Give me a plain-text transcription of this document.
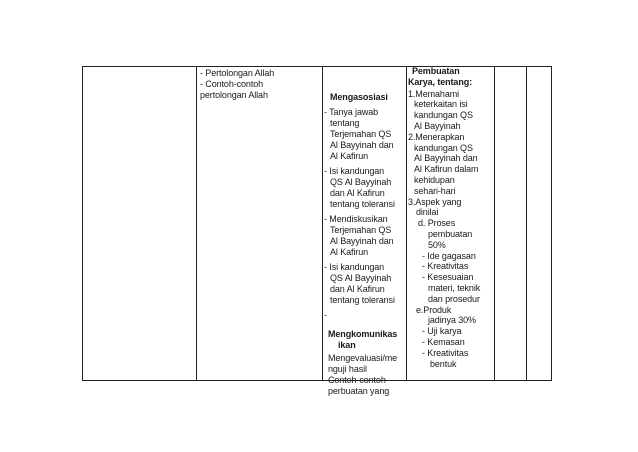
- Pertolongan Allah
- Contoh-contoh
pertolongan Allah	Mengasosiasi
- Tanya jawab
tentang
Terjemahan QS
Al Bayyinah dan
Al Kafirun
- Isi kandungan
QS Al Bayyinah
dan Al Kafirun
tentang toleransi
- Mendiskusikan
Terjemahan QS
Al Bayyinah dan
Al Kafirun
- Isi kandungan
QS Al Bayyinah
dan Al Kafirun
tentang toleransi
-
Mengkomunikas
ikan
Mengevaluasi/me
nguji hasil
Contoh-contoh
perbuatan yang
Pembuatan
Karya, tentang:
1.Memahami
keterkaitan isi
kandungan QS
Al Bayyinah
2.Menerapkan
kandungan QS
Al Bayyinah dan
Al Kafirun dalam
kehidupan
sehari-hari
3.Aspek yang
dinilai
d. Proses
pembuatan
50%
- Ide gagasan
- Kreativitas
- Kesesuaian
materi, teknik
dan prosedur
e.Produk
jadinya 30%
- Uji karya
- Kemasan
- Kreativitas
bentuk
